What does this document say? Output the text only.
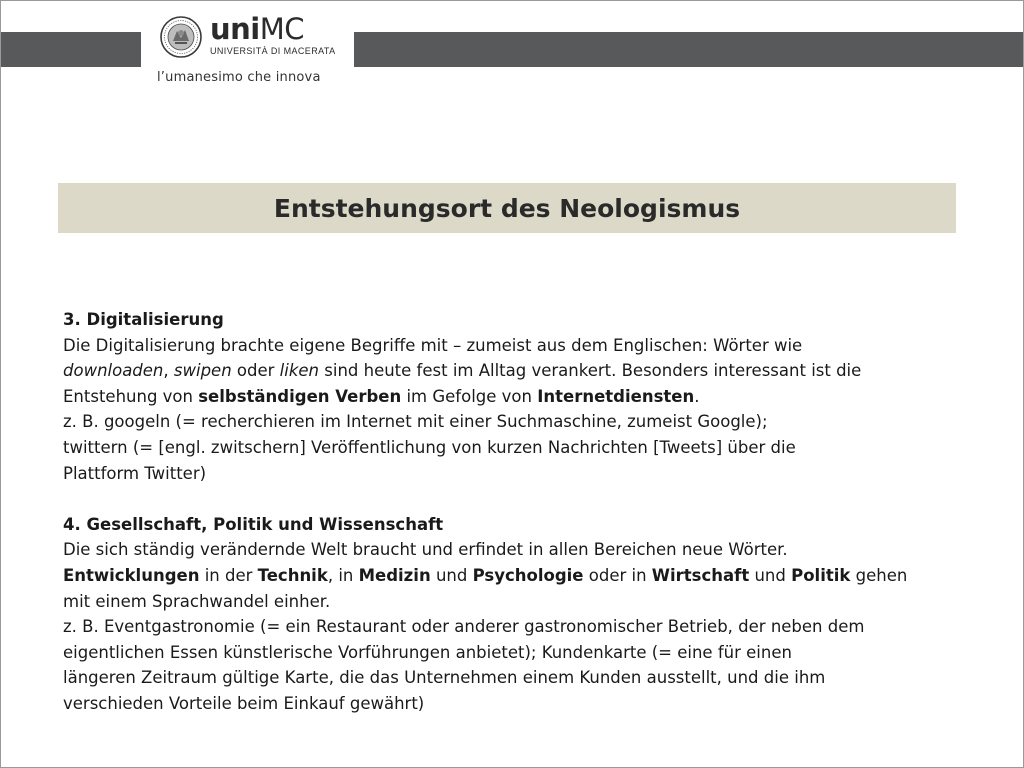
uniMC
UNIVERSITÀ DI MACERATA
l’umanesimo che innova
Entstehungsort des Neologismus

3. Digitalisierung

Die Digitalisierung brachte eigene Begriffe mit – zumeist aus dem Englischen: Wörter wie

downloaden, swipen oder liken sind heute fest im Alltag verankert. Besonders interessant ist die

Entstehung von selbständigen Verben im Gefolge von Internetdiensten.

z. B. googeln (= recherchieren im Internet mit einer Suchmaschine, zumeist Google);

twittern (= [engl. zwitschern] Veröffentlichung von kurzen Nachrichten [Tweets] über die

Plattform Twitter)

4. Gesellschaft, Politik und Wissenschaft

Die sich ständig verändernde Welt braucht und erfindet in allen Bereichen neue Wörter.

Entwicklungen in der Technik, in Medizin und Psychologie oder in Wirtschaft und Politik gehen

mit einem Sprachwandel einher.

z. B. Eventgastronomie (= ein Restaurant oder anderer gastronomischer Betrieb, der neben dem

eigentlichen Essen künstlerische Vorführungen anbietet); Kundenkarte (= eine für einen

längeren Zeitraum gültige Karte, die das Unternehmen einem Kunden ausstellt, und die ihm

verschieden Vorteile beim Einkauf gewährt)
